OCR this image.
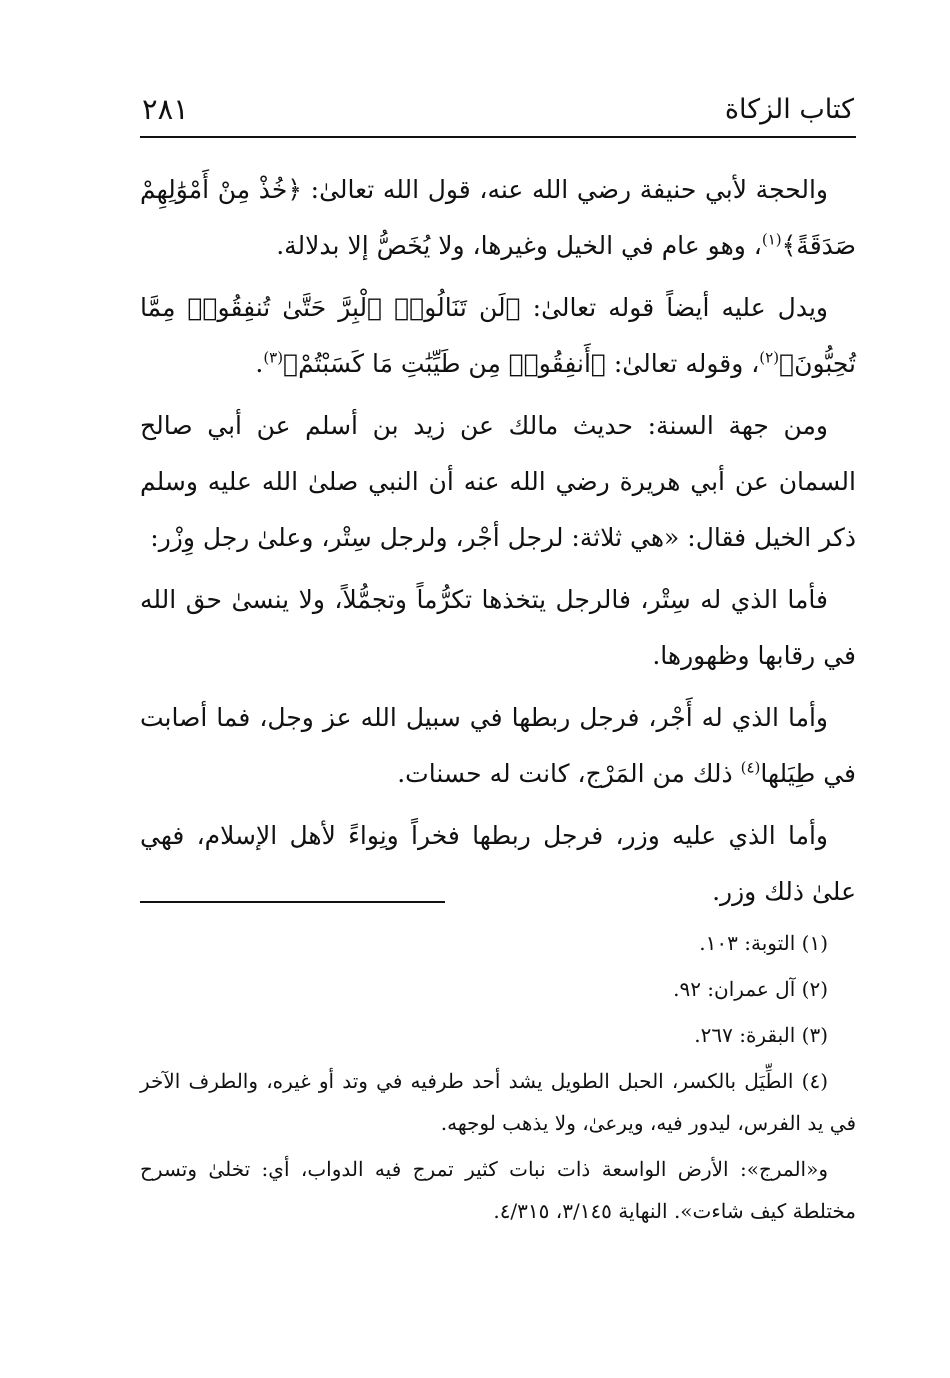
كتاب الزكاة
٢٨١

والحجة لأبي حنيفة رضي الله عنه، قول الله تعالىٰ: ﴿خُذْ مِنْ أَمْوَٰلِهِمْ صَدَقَةً﴾$^{(١)}$، وهو عام في الخيل وغيرها، ولا يُخَصُّ إلا بدلالة.

ويدل عليه أيضاً قوله تعالىٰ: ﴿لَن تَنَالُوا۟ ٱلْبِرَّ حَتَّىٰ تُنفِقُوا۟ مِمَّا تُحِبُّونَ﴾$^{(٢)}$، وقوله تعالىٰ: ﴿أَنفِقُوا۟ مِن طَيِّبَٰتِ مَا كَسَبْتُمْ﴾$^{(٣)}$.

ومن جهة السنة: حديث مالك عن زيد بن أسلم عن أبي صالح السمان عن أبي هريرة رضي الله عنه أن النبي صلىٰ الله عليه وسلم ذكر الخيل فقال: «هي ثلاثة: لرجل أجْر، ولرجل سِتْر، وعلىٰ رجل وِزْر:

فأما الذي له سِتْر، فالرجل يتخذها تكرُّماً وتجمُّلاً، ولا ينسىٰ حق الله في رقابها وظهورها.

وأما الذي له أَجْر، فرجل ربطها في سبيل الله عز وجل، فما أصابت في طِيَلها$^{(٤)}$ ذلك من المَرْج، كانت له حسنات.

وأما الذي عليه وزر، فرجل ربطها فخراً ونِواءً لأهل الإسلام، فهي علىٰ ذلك وزر.

(١) التوبة: ١٠٣.

(٢) آل عمران: ٩٢.

(٣) البقرة: ٢٦٧.

(٤) الطِّيَل بالكسر، الحبل الطويل يشد أحد طرفيه في وتد أو غيره، والطرف الآخر في يد الفرس، ليدور فيه، ويرعىٰ، ولا يذهب لوجهه.

و«المرج»: الأرض الواسعة ذات نبات كثير تمرج فيه الدواب، أي: تخلىٰ وتسرح مختلطة كيف شاءت». النهاية ٣/١٤٥، ٤/٣١٥.
